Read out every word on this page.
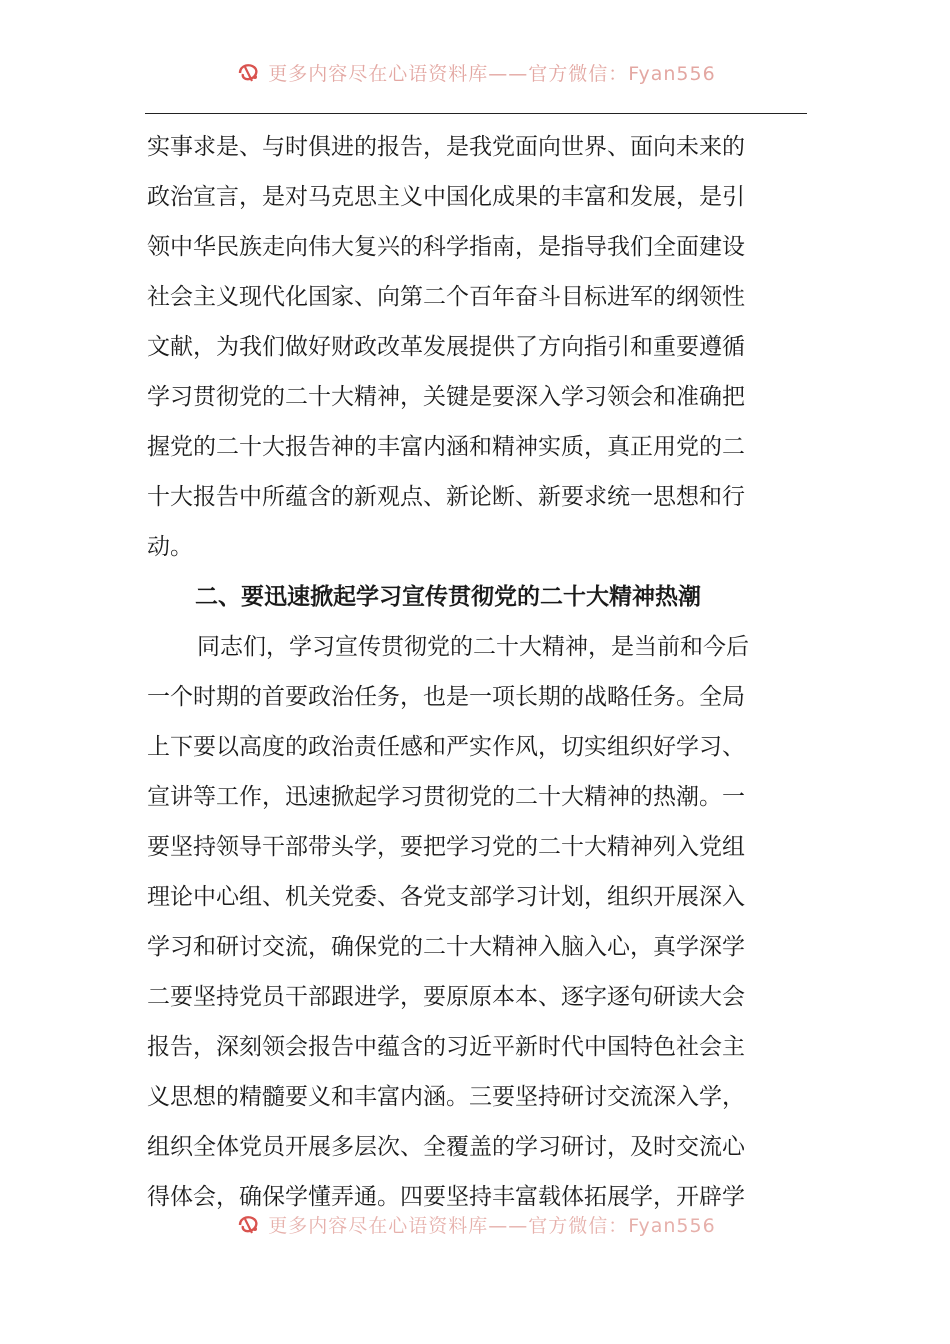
更多内容尽在心语资料库——官方微信：Fyan556
实事求是、与时俱进的报告，是我党面向世界、面向未来的
政治宣言，是对马克思主义中国化成果的丰富和发展，是引
领中华民族走向伟大复兴的科学指南，是指导我们全面建设
社会主义现代化国家、向第二个百年奋斗目标进军的纲领性
文献，为我们做好财政改革发展提供了方向指引和重要遵循
学习贯彻党的二十大精神，关键是要深入学习领会和准确把
握党的二十大报告神的丰富内涵和精神实质，真正用党的二
十大报告中所蕴含的新观点、新论断、新要求统一思想和行
动。
二、要迅速掀起学习宣传贯彻党的二十大精神热潮
同志们，学习宣传贯彻党的二十大精神，是当前和今后
一个时期的首要政治任务，也是一项长期的战略任务。全局
上下要以高度的政治责任感和严实作风，切实组织好学习、
宣讲等工作，迅速掀起学习贯彻党的二十大精神的热潮。一
要坚持领导干部带头学，要把学习党的二十大精神列入党组
理论中心组、机关党委、各党支部学习计划，组织开展深入
学习和研讨交流，确保党的二十大精神入脑入心，真学深学
二要坚持党员干部跟进学，要原原本本、逐字逐句研读大会
报告，深刻领会报告中蕴含的习近平新时代中国特色社会主
义思想的精髓要义和丰富内涵。三要坚持研讨交流深入学，
组织全体党员开展多层次、全覆盖的学习研讨，及时交流心
得体会，确保学懂弄通。四要坚持丰富载体拓展学，开辟学
更多内容尽在心语资料库——官方微信：Fyan556
